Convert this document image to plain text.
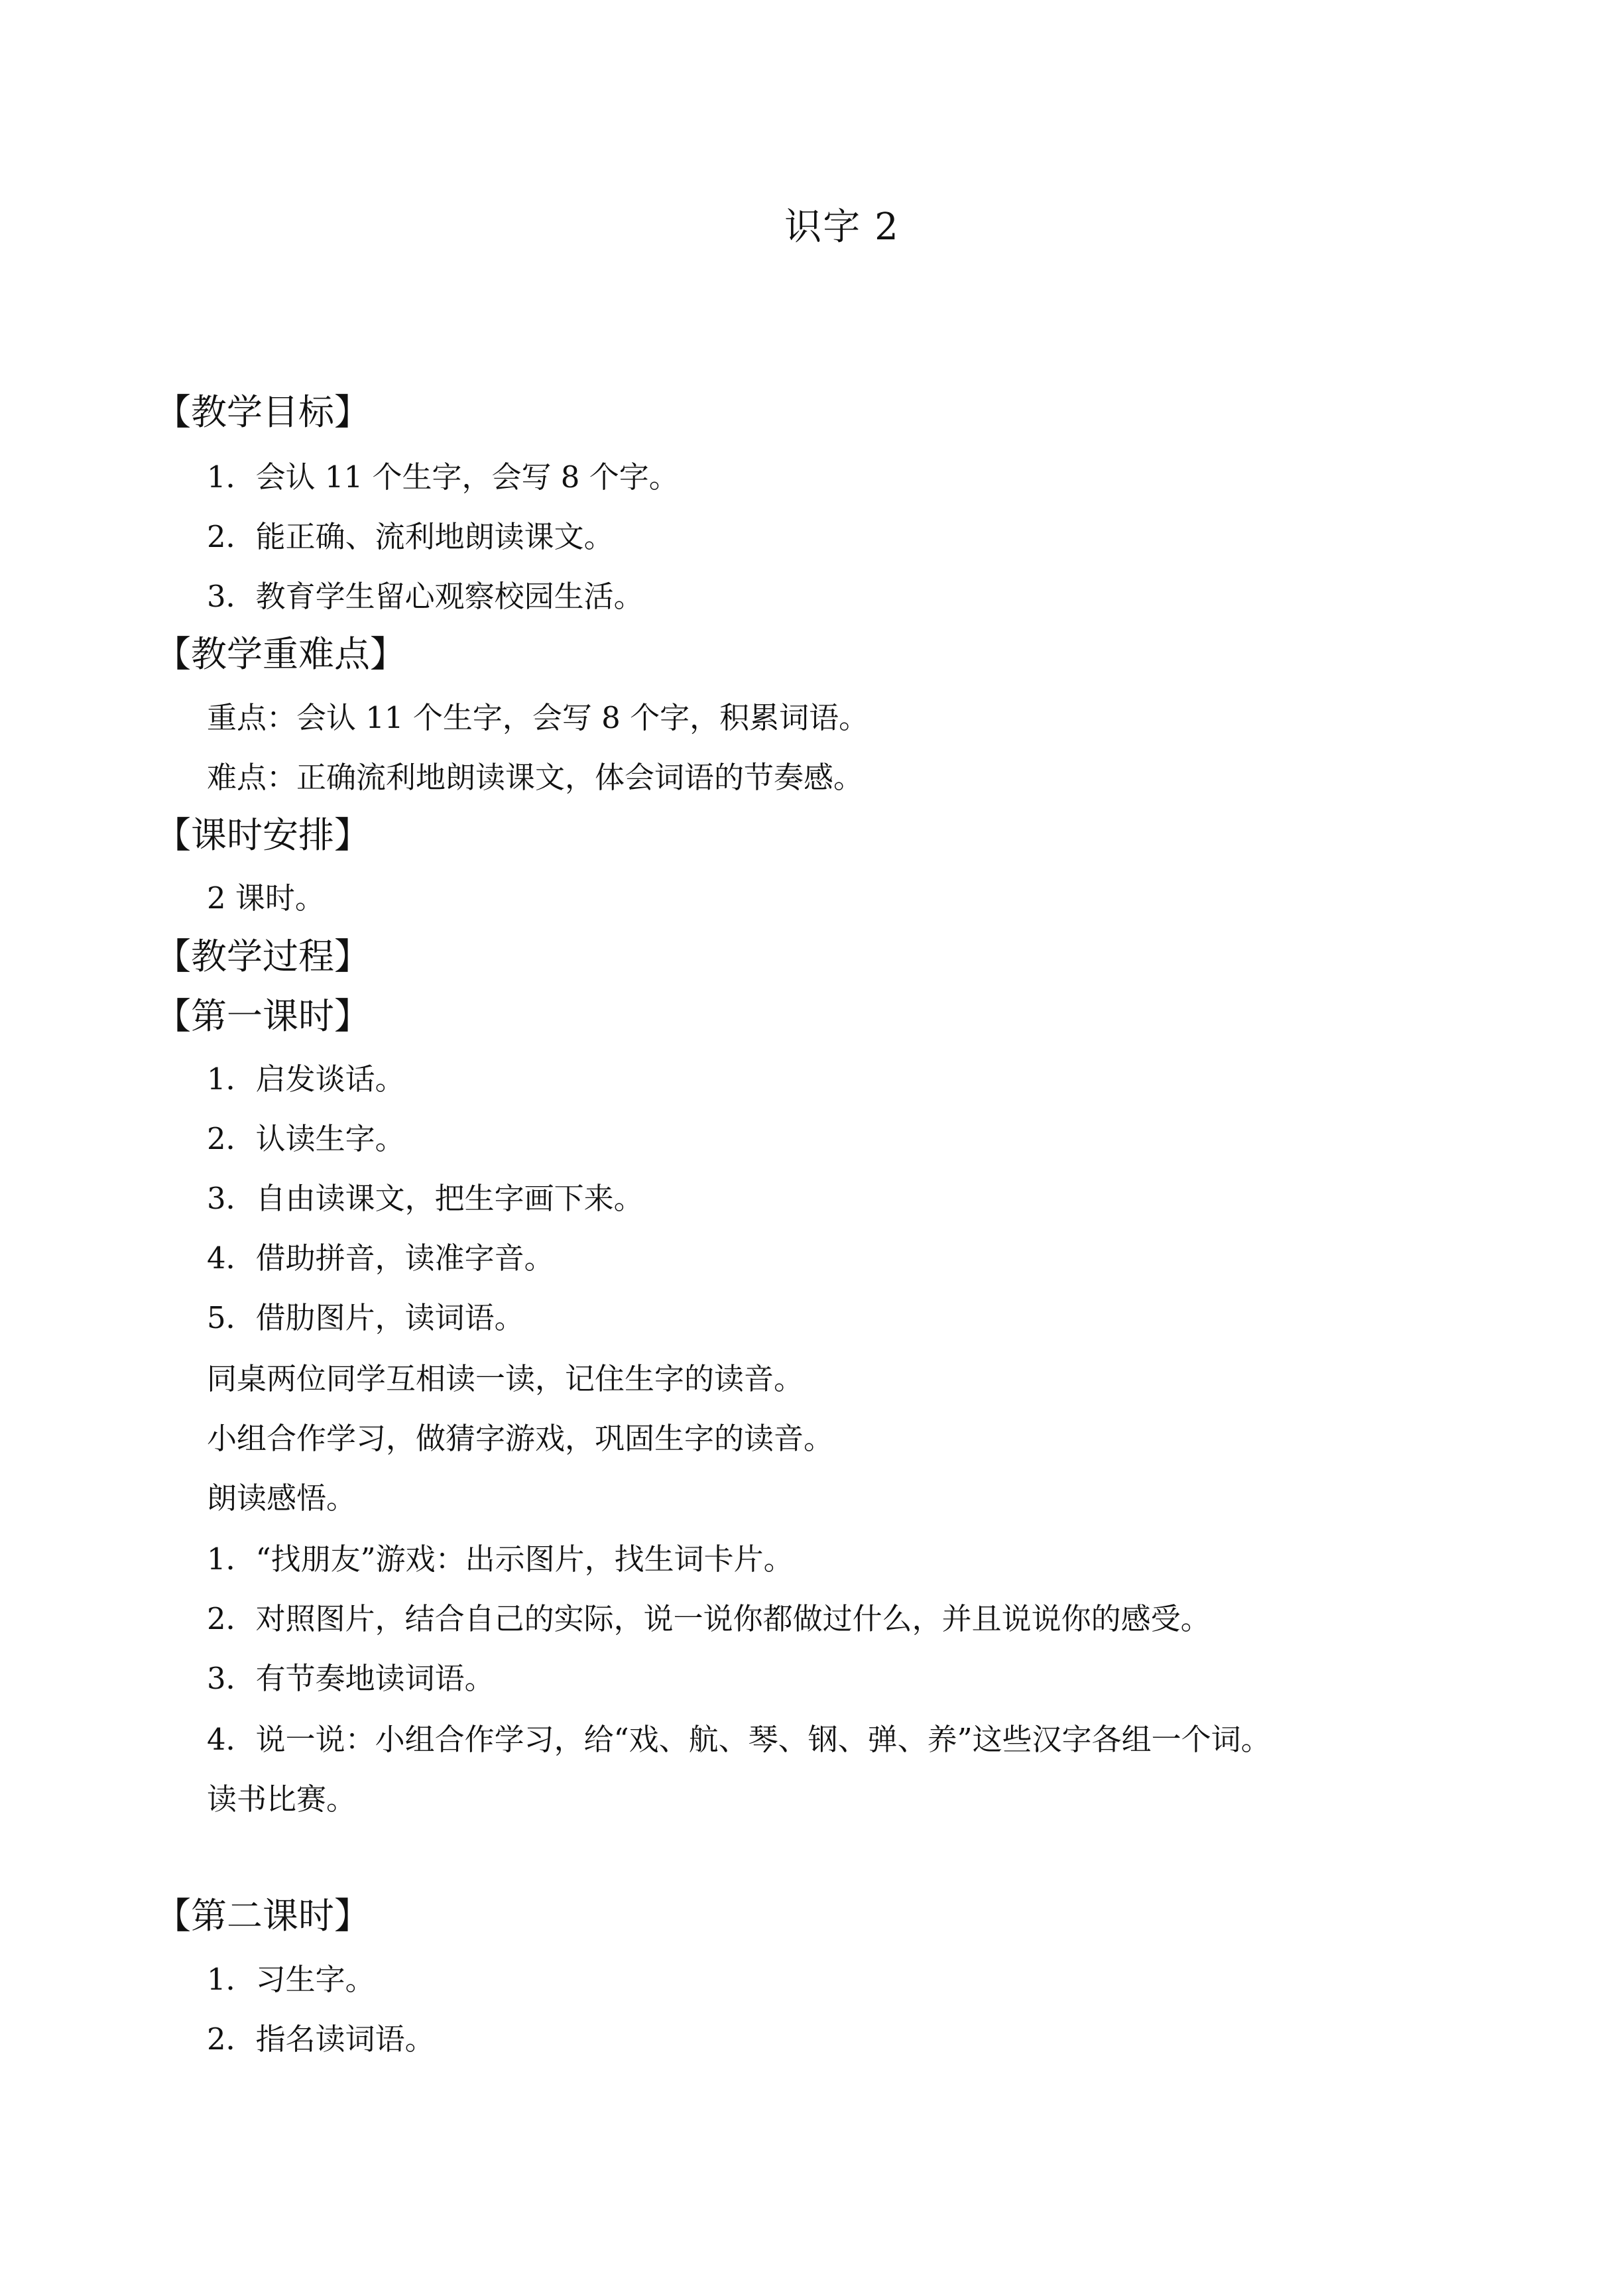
识字 2
【教学目标】
1．会认 11 个生字，会写 8 个字。
2．能正确、流利地朗读课文。
3．教育学生留心观察校园生活。
【教学重难点】
重点：会认 11 个生字，会写 8 个字，积累词语。
难点：正确流利地朗读课文，体会词语的节奏感。
【课时安排】
2 课时。
【教学过程】
【第一课时】
1．启发谈话。
2．认读生字。
3．自由读课文，把生字画下来。
4．借助拼音，读准字音。
5．借肋图片，读词语。
同桌两位同学互相读一读，记住生字的读音。
小组合作学习，做猜字游戏，巩固生字的读音。
朗读感悟。
1．“找朋友”游戏：出示图片，找生词卡片。
2．对照图片，结合自己的实际，说一说你都做过什么，并且说说你的感受。
3．有节奏地读词语。
4．说一说：小组合作学习，给“戏、航、琴、钢、弹、养”这些汉字各组一个词。
读书比赛。
【第二课时】
1．习生字。
2．指名读词语。
